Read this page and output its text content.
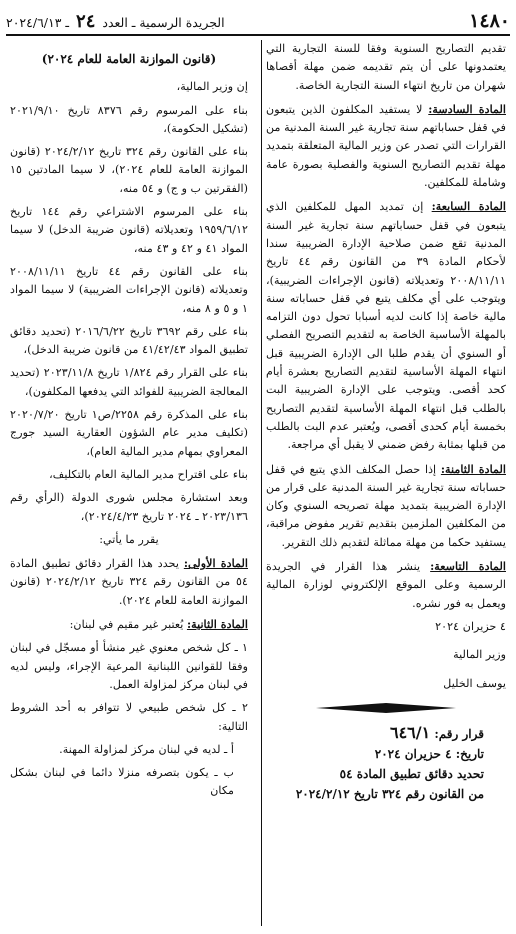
١٤٨٠
الجريدة الرسمية ـ العدد ٢٤ ـ ٢٠٢٤/٦/١٣

تقديم التصاريح السنوية وفقا للسنة التجارية التي يعتمدونها على أن يتم تقديمه ضمن مهلة أقصاها شهران من تاريخ انتهاء السنة التجارية الخاصة.

المادة السادسة: لا يستفيد المكلفون الذين يتبعون في قفل حساباتهم سنة تجارية غير السنة المدنية من القرارات التي تصدر عن وزير المالية المتعلقة بتمديد مهلة تقديم التصاريح السنوية والفصلية بصورة عامة وشاملة للمكلفين.

المادة السابعة: إن تمديد المهل للمكلفين الذي يتبعون في قفل حساباتهم سنة تجارية غير السنة المدنية تقع ضمن صلاحية الإدارة الضريبية سندا لأحكام المادة ٣٩ من القانون رقم ٤٤ تاريخ ٢٠٠٨/١١/١١ وتعديلاته (قانون الإجراءات الضريبية)، ويتوجب على أي مكلف يتبع في قفل حساباته سنة مالية خاصة إذا كانت لديه أسبابا تحول دون التزامه بالمهلة الأساسية الخاصة به لتقديم التصريح الفصلي أو السنوي أن يقدم طلبا الى الإدارة الضريبية قبل انتهاء المهلة الأساسية لتقديم التصاريح بعشرة أيام كحد أقصى. ويتوجب على الإدارة الضريبية البت بالطلب قبل انتهاء المهلة الأساسية لتقديم التصاريح بخمسة أيام كحدى أقصى، ويُعتبر عدم البت بالطلب من قبلها بمثابة رفض ضمني لا يقبل أي مراجعة.

المادة الثامنة: إذا حصل المكلف الذي يتبع في قفل حساباته سنة تجارية غير السنة المدنية على قرار من الإدارة الضريبية بتمديد مهلة تصريحه السنوي وكان من المكلفين الملزمين بتقديم تقرير مفوض مراقبة، يستفيد حكما من مهلة مماثلة لتقديم ذلك التقرير.

المادة التاسعة: ينشر هذا القرار في الجريدة الرسمية وعلى الموقع الإلكتروني لوزارة المالية ويعمل به فور نشره.

٤ حزيران ٢٠٢٤

وزير المالية

يوسف الخليل

قرار رقم: ٦٤٦/١
تاريخ: ٤ حزيران ٢٠٢٤
تحديد دقائق تطبيق المادة ٥٤
من القانون رقم ٣٢٤ تاريخ ٢٠٢٤/٢/١٢
(قانون الموازنة العامة للعام ٢٠٢٤)

إن وزير المالية،

بناء على المرسوم رقم ٨٣٧٦ تاريخ ٢٠٢١/٩/١٠ (تشكيل الحكومة)،

بناء على القانون رقم ٣٢٤ تاريخ ٢٠٢٤/٢/١٢ (قانون الموازنة العامة للعام ٢٠٢٤)، لا سيما المادتين ١٥ (الفقرتين ب و ج) و ٥٤ منه،

بناء على المرسوم الاشتراعي رقم ١٤٤ تاريخ ١٩٥٩/٦/١٢ وتعديلاته (قانون ضريبة الدخل) لا سيما المواد ٤١ و ٤٢ و ٤٣ منه،

بناء على القانون رقم ٤٤ تاريخ ٢٠٠٨/١١/١١ وتعديلاته (قانون الإجراءات الضريبية) لا سيما المواد ١ و ٥ و ٨ منه،

بناء على رقم ٣٦٩٢ تاريخ ٢٠١٦/٦/٢٢ (تحديد دقائق تطبيق المواد ٤١/٤٢/٤٣ من قانون ضريبة الدخل)،

بناء على القرار رقم ١/٨٢٤ تاريخ ٢٠٢٣/١١/٨ (تحديد المعالجة الضريبية للفوائد التي يدفعها المكلفون)،

بناء على المذكرة رقم ٢٢٥٨/ص١ تاريخ ٢٠٢٠/٧/٢٠ (تكليف مدير عام الشؤون العقارية السيد جورج المعراوي بمهام مدير المالية العام)،

بناء على اقتراح مدير المالية العام بالتكليف،

وبعد استشارة مجلس شورى الدولة (الرأي رقم ٢٠٢٣/١٣٦ ـ ٢٠٢٤ تاريخ ٢٠٢٤/٤/٢٣)،

يقرر ما يأتي:

المادة الأولى: يحدد هذا القرار دقائق تطبيق المادة ٥٤ من القانون رقم ٣٢٤ تاريخ ٢٠٢٤/٢/١٢ (قانون الموازنة العامة للعام ٢٠٢٤).

المادة الثانية: يُعتبر غير مقيم في لبنان:

١ ـ كل شخص معنوي غير منشأ أو مسجّل في لبنان وفقا للقوانين اللبنانية المرعية الإجراء، وليس لديه في لبنان مركز لمزاولة العمل.

٢ ـ كل شخص طبيعي لا تتوافر به أحد الشروط التالية:

أ ـ لديه في لبنان مركز لمزاولة المهنة.

ب ـ يكون بتصرفه منزلا دائما في لبنان بشكل مكان
